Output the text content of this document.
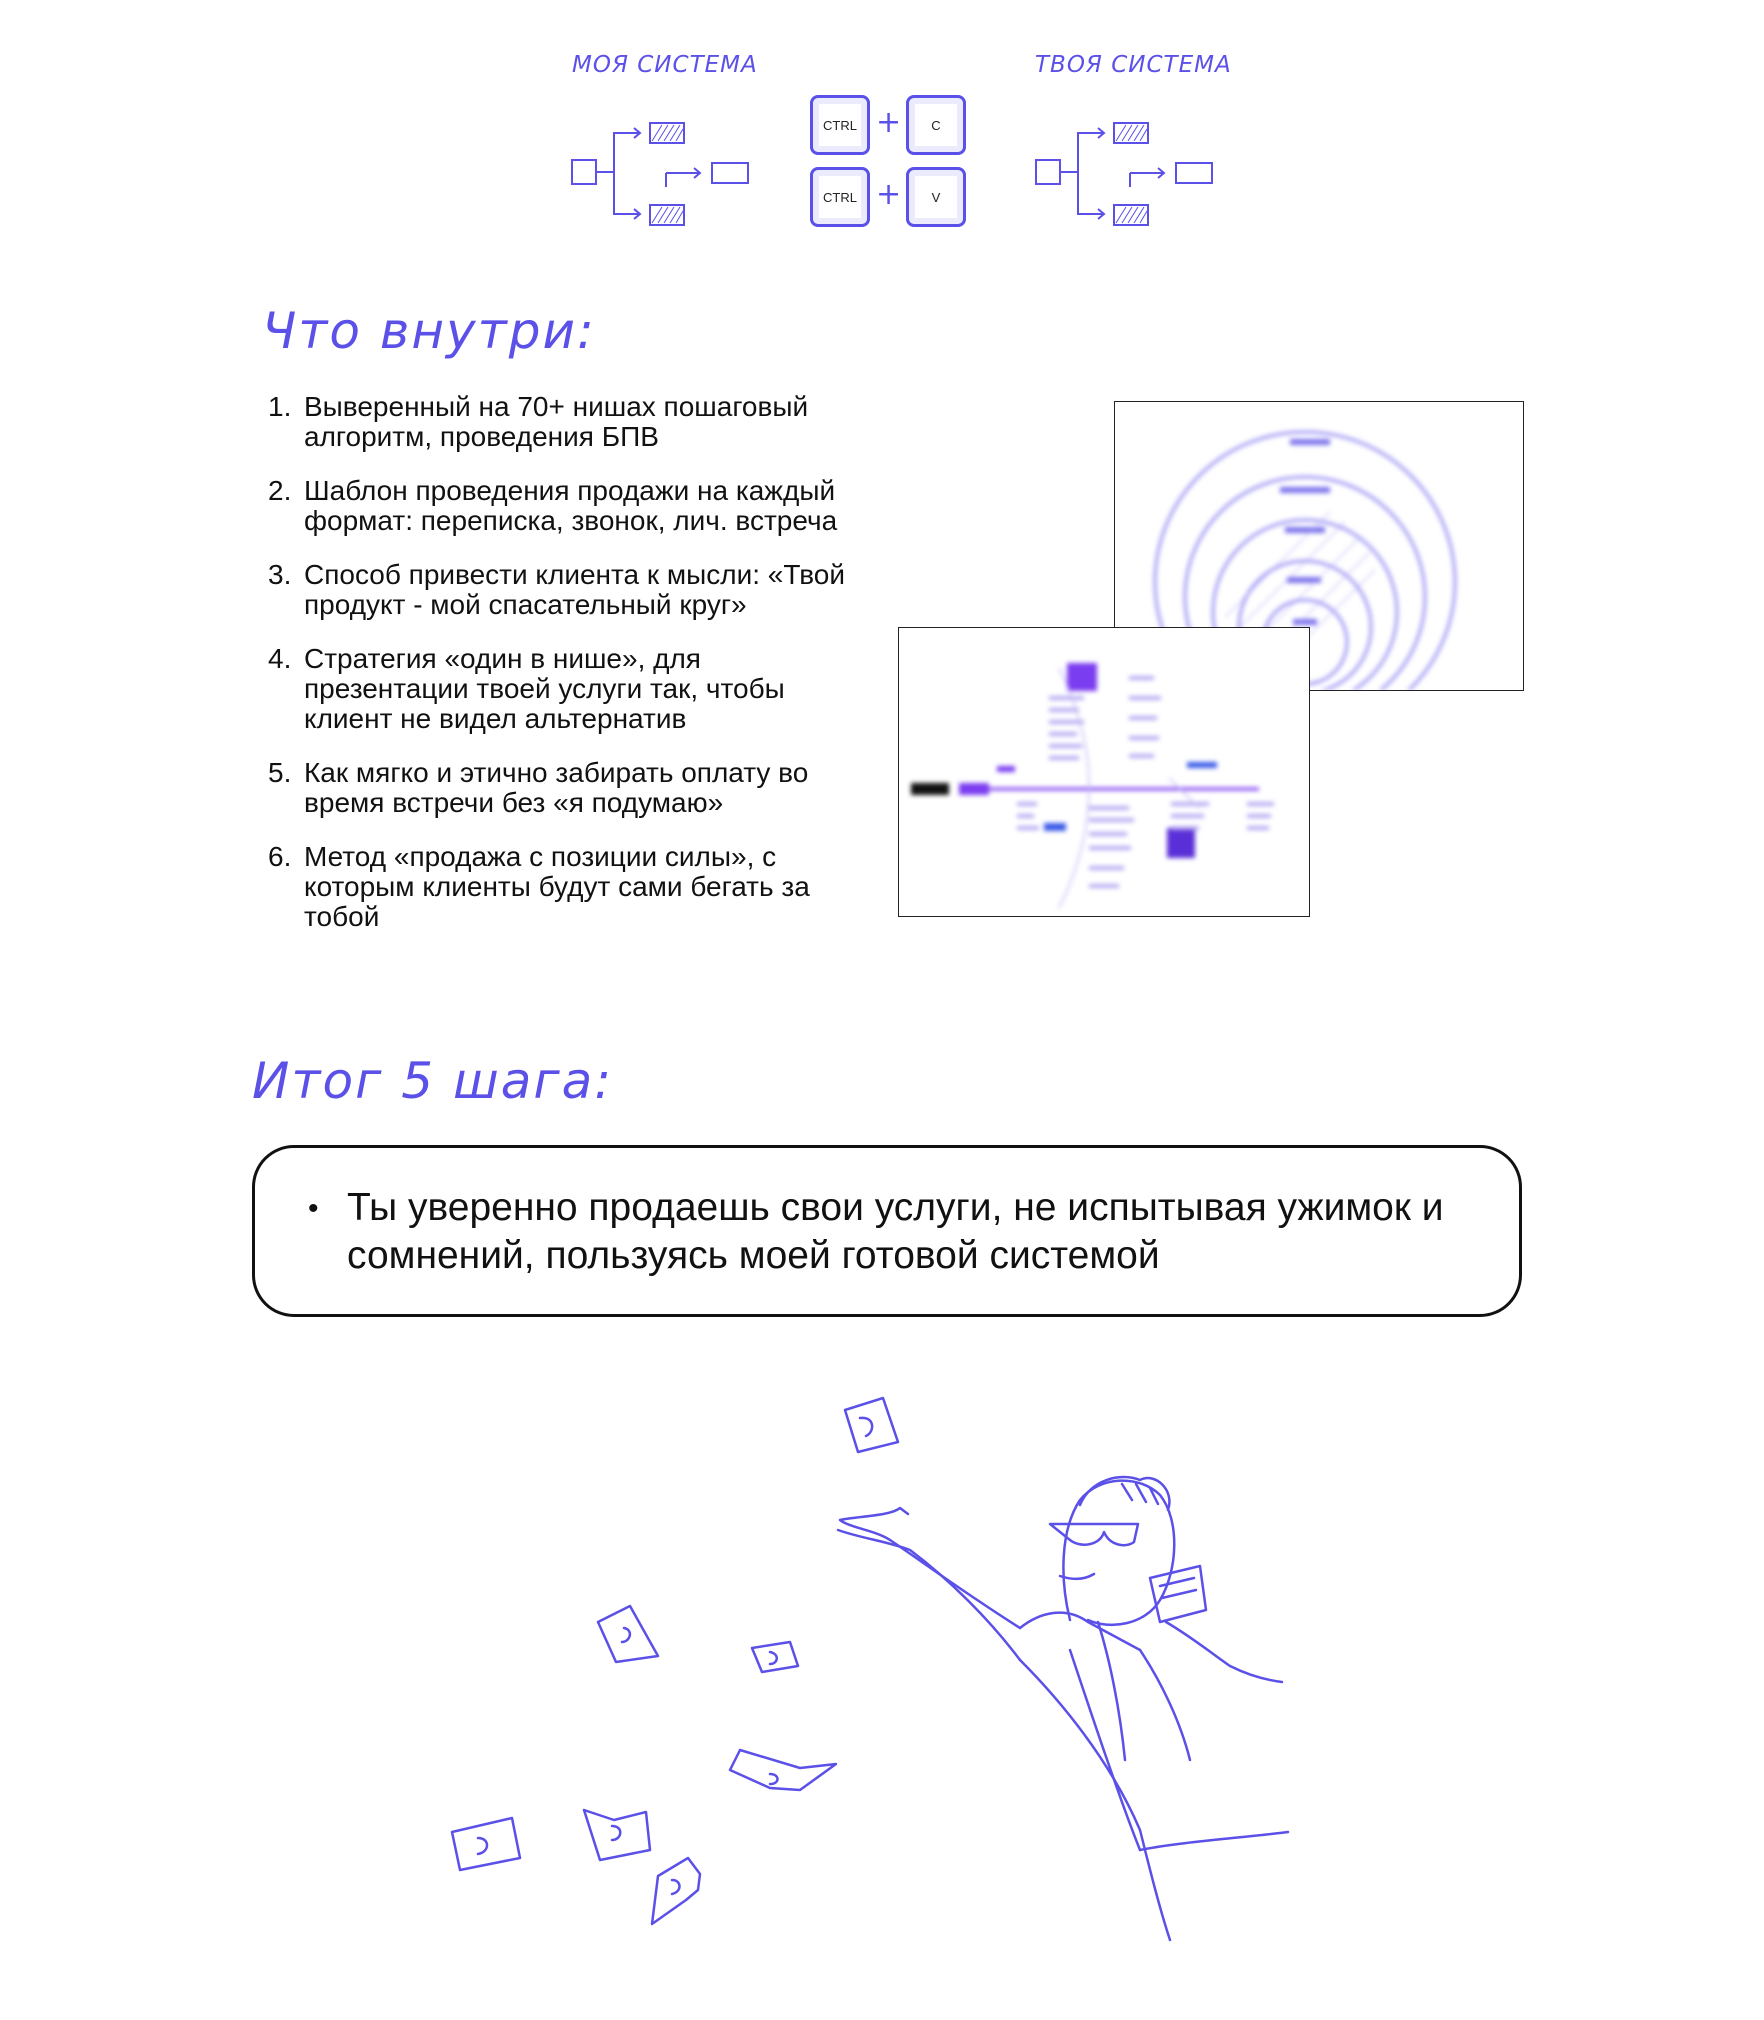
МОЯ СИСТЕМА	ТВОЯ СИСТЕМА
CTRL + C
CTRL + V
Что внутри:
1. Выверенный на 70+ нишах пошаговый алгоритм, проведения БПВ
2. Шаблон проведения продажи на каждый формат: переписка, звонок, лич. встреча
3. Способ привести клиента к мысли: «Твой продукт - мой спасательный круг»
4. Стратегия «один в нише», для презентации твоей услуги так, чтобы клиент не видел альтернатив
5. Как мягко и этично забирать оплату во время встречи без «я подумаю»
6. Метод «продажа с позиции силы», с которым клиенты будут сами бегать за тобой
Итог 5 шага:
• Ты уверенно продаешь свои услуги, не испытывая ужимок и сомнений, пользуясь моей готовой системой
